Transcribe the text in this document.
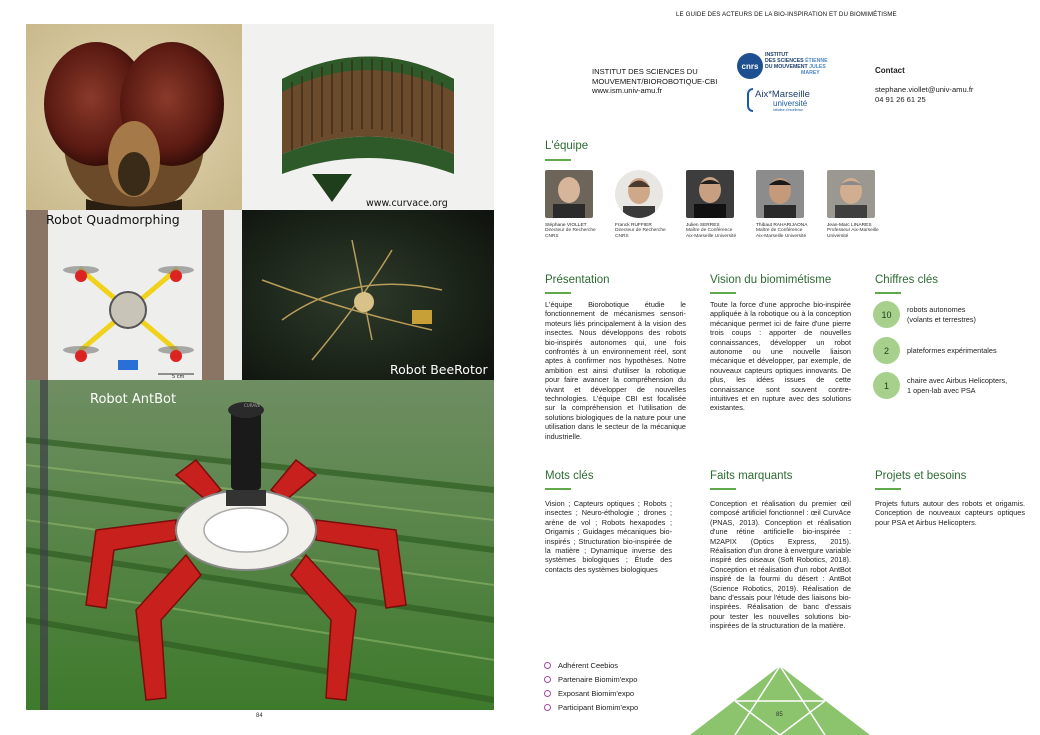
www.curvace.org
Robot Quadmorphing
5 cm	Robot BeeRotor
Robot AntBot	CURAVE
84
LE GUIDE DES ACTEURS DE LA BIO-INSPIRATION ET DU BIOMIMÉTISME
INSTITUT DES SCIENCES DU
MOUVEMENT/BIOROBOTIQUE-CBI
www.ism.univ-amu.fr
cnrs
INSTITUT
DES SCIENCES ÉTIENNE
DU MOUVEMENT JULES
MAREY
Aix*Marseille
université
Initiative d'excellence
Contact
stephane.viollet@univ-amu.fr
04 91 26 61 25
L'équipe
Stéphane VIOLLET
Directeur de Recherche
CNRS
Franck RUFFIER
Directeur de Recherche
CNRS
Julien SERRES
Maître de Conférence
Aix-Marseille Université
Thibaut RAHARIJAONA
Maître de Conférence
Aix-Marseille Université
Jean-Marc LINARES
Professeur Aix-Marseille
Université
Présentation
L'équipe Biorobotique étudie le fonctionnement de mécanismes sensori-moteurs liés principalement à la vision des insectes. Nous développons des robots bio-inspirés autonomes qui, une fois confrontés à un environnement réel, sont aptes à confirmer nos hypothèses. Notre ambition est ainsi d'utiliser la robotique pour faire avancer la compréhension du vivant et développer de nouvelles technologies. L'équipe CBI est focalisée sur la compréhension et l'utilisation de solutions biologiques de la nature pour une utilisation dans le secteur de la mécanique industrielle.
Vision du biomimétisme
Toute la force d'une approche bio-inspirée appliquée à la robotique ou à la conception mécanique permet ici de faire d'une pierre trois coups : apporter de nouvelles connaissances, développer un robot autonome ou une nouvelle liaison mécanique et développer, par exemple, de nouveaux capteurs optiques innovants. De plus, les idées issues de cette connaissance sont souvent contre-intuitives et en rupture avec des solutions existantes.
Chiffres clés
10	robots autonomes
(volants et terrestres)
2	plateformes expérimentales
1	chaire avec Airbus Helicopters,
1 open-lab avec PSA
Mots clés
Vision ; Capteurs optiques ; Robots ; insectes ; Neuro-éthologie ; drones ; arène de vol ; Robots hexapodes ; Origamis ; Guidages mécaniques bio-inspirés ; Structuration bio-inspirée de la matière ; Dynamique inverse des systèmes biologiques ; Étude des contacts des systèmes biologiques
Faits marquants
Conception et réalisation du premier œil composé artificiel fonctionnel : œil CurvAce (PNAS, 2013). Conception et réalisation d'une rétine artificielle bio-inspirée : M2APIX (Optics Express, 2015). Réalisation d'un drone à envergure variable inspiré des oiseaux (Soft Robotics, 2018). Conception et réalisation d'un robot AntBot inspiré de la fourmi du désert : AntBot (Science Robotics, 2019). Réalisation de banc d'essais pour l'étude des liaisons bio-inspirées. Réalisation de banc d'essais pour tester les nouvelles solutions bio-inspirées de la structuration de la matière.
Projets et besoins
Projets futurs autour des robots et origamis. Conception de nouveaux capteurs optiques pour PSA et Airbus Helicopters.
Adhérent Ceebios
Partenaire Biomim'expo
Exposant Biomim'expo
Participant Biomim'expo
85
